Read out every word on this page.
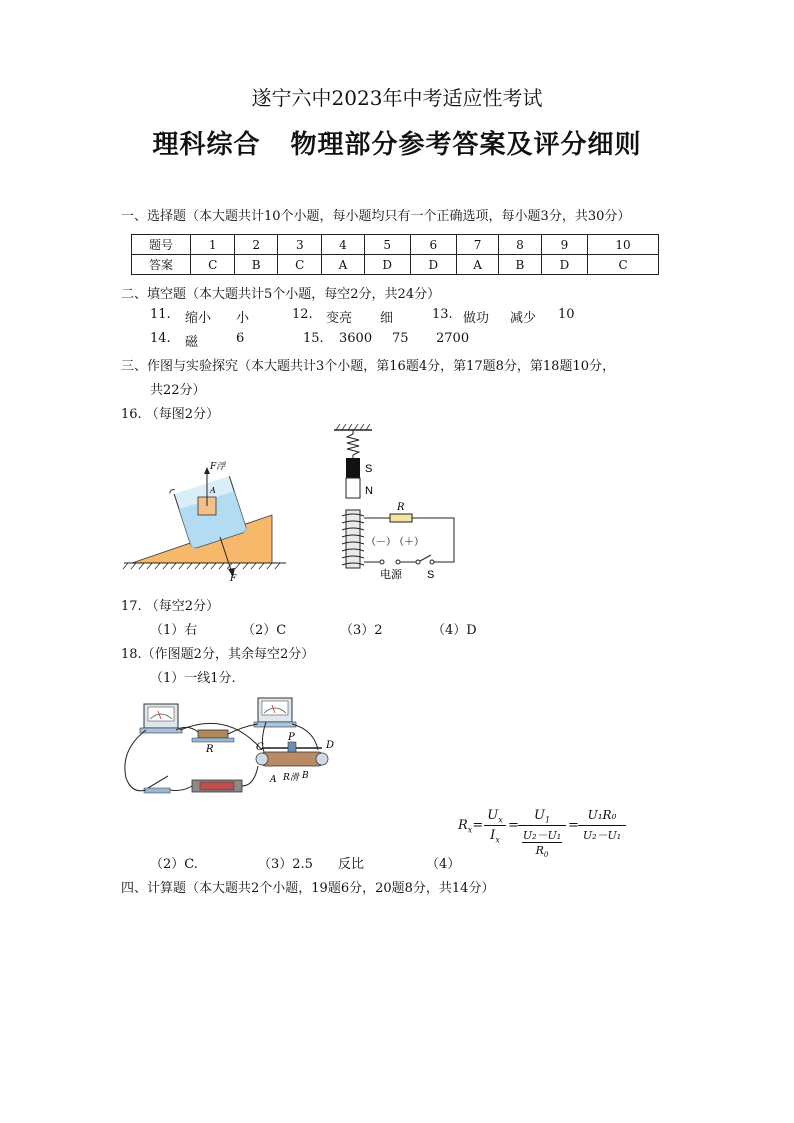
遂宁六中2023年中考适应性考试
理科综合 物理部分参考答案及评分细则
一、选择题（本大题共计10个小题，每小题均只有一个正确选项，每小题3分，共30分）
题号	1	2	3	4	5	6	7	8	9	10
答案	C	B	C	A	D	D	A	B	D	C
二、填空题（本大题共计5个小题，每空2分，共24分）
11. 缩小 小	12. 变亮 细	13. 做功 减少 10
14. 磁	6	15. 3600 75 2700
三、作图与实验探究（本大题共计3个小题，第16题4分，第17题8分，第18题10分，
共22分）
16. （每图2分）
F浮
A
F
S
N
R
（－）
（＋）
电源 S
17. （每空2分）
（1）右	（2）C	（3）2	（4）D
18.（作图题2分，其余每空2分）
（1）一线1分.
R	C
P
D
A R滑 B
$R_x=$
$U_x$
$I_x$
=
$U_1$
U₂－U₁
$R_0$
=
U₁R₀
U₂－U₁
（2）C.	（3）2.5 反比	（4）
四、计算题（本大题共2个小题，19题6分，20题8分，共14分）
